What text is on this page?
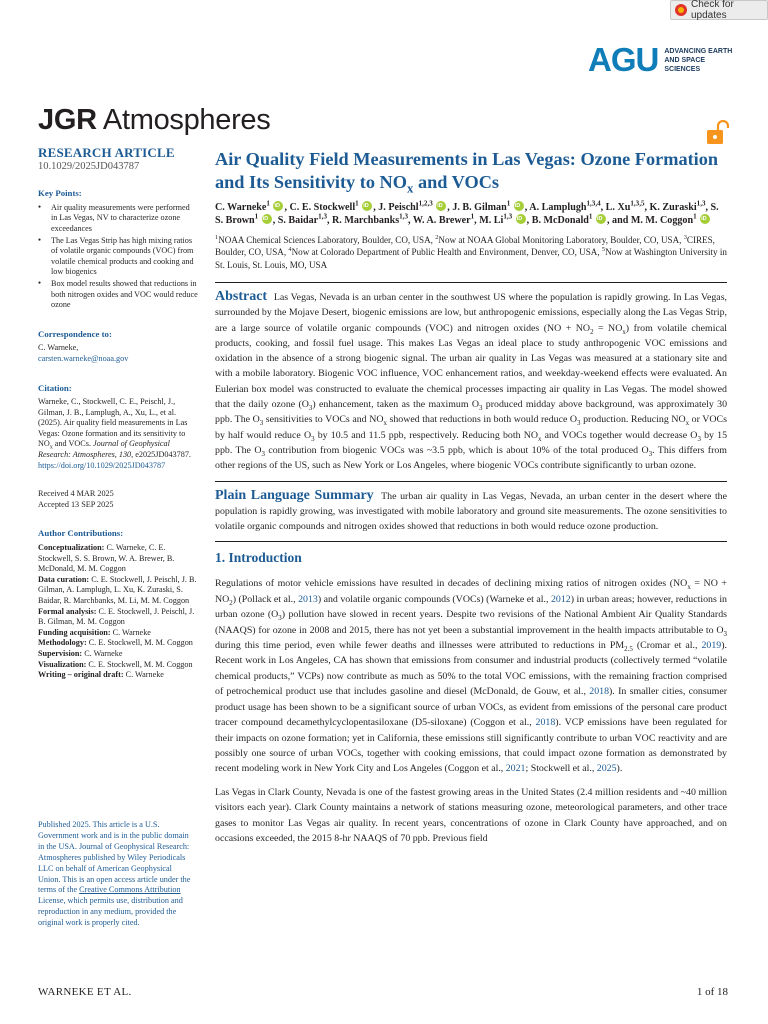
Check for updates
AGU ADVANCING EARTH AND SPACE SCIENCES
JGR Atmospheres
RESEARCH ARTICLE
10.1029/2025JD043787
Key Points:
● Air quality measurements were performed in Las Vegas, NV to characterize ozone exceedances
● The Las Vegas Strip has high mixing ratios of volatile organic compounds (VOC) from volatile chemical products and cooking and low biogenics
● Box model results showed that reductions in both nitrogen oxides and VOC would reduce ozone
Correspondence to:
C. Warneke,
carsten.warneke@noaa.gov
Citation:
Warneke, C., Stockwell, C. E., Peischl, J., Gilman, J. B., Lamplugh, A., Xu, L., et al. (2025). Air quality field measurements in Las Vegas: Ozone formation and its sensitivity to $NO_x$ and VOCs. Journal of Geophysical Research: Atmospheres, 130, e2025JD043787. https://doi.org/10.1029/2025JD043787
Received 4 MAR 2025
Accepted 13 SEP 2025
Author Contributions:
Conceptualization: C. Warneke, C. E. Stockwell, S. S. Brown, W. A. Brewer, B. McDonald, M. M. Coggon
Data curation: C. E. Stockwell, J. Peischl, J. B. Gilman, A. Lamplugh, L. Xu, K. Zuraski, S. Baidar, R. Marchbanks, M. Li, M. M. Coggon
Formal analysis: C. E. Stockwell, J. Peischl, J. B. Gilman, M. M. Coggon
Funding acquisition: C. Warneke
Methodology: C. E. Stockwell, M. M. Coggon
Supervision: C. Warneke
Visualization: C. E. Stockwell, M. M. Coggon
Writing – original draft: C. Warneke
Published 2025. This article is a U.S. Government work and is in the public domain in the USA. Journal of Geophysical Research: Atmospheres published by Wiley Periodicals LLC on behalf of American Geophysical Union. This is an open access article under the terms of the Creative Commons Attribution License, which permits use, distribution and reproduction in any medium, provided the original work is properly cited.
Air Quality Field Measurements in Las Vegas: Ozone Formation and Its Sensitivity to $NO_x$ and VOCs
C. Warneke$^1$ iD , C. E. Stockwell$^1$ iD , J. Peischl$^{1,2,3}$ iD , J. B. Gilman$^1$ iD , A. Lamplugh$^{1,3,4}$, L. Xu$^{1,3,5}$, K. Zuraski$^{1,3}$, S. S. Brown$^1$ iD , S. Baidar$^{1,3}$, R. Marchbanks$^{1,3}$, W. A. Brewer$^1$, M. Li$^{1,3}$ iD , B. McDonald$^1$ iD , and M. M. Coggon$^1$ iD
$^1$NOAA Chemical Sciences Laboratory, Boulder, CO, USA, $^2$Now at NOAA Global Monitoring Laboratory, Boulder, CO, USA, $^3$CIRES, Boulder, CO, USA, $^4$Now at Colorado Department of Public Health and Environment, Denver, CO, USA, $^5$Now at Washington University in St. Louis, St. Louis, MO, USA
Abstract Las Vegas, Nevada is an urban center in the southwest US where the population is rapidly growing. In Las Vegas, surrounded by the Mojave Desert, biogenic emissions are low, but anthropogenic emissions, especially along the Las Vegas Strip, are a large source of volatile organic compounds (VOC) and nitrogen oxides $(NO + NO_2 = NO_x)$ from volatile chemical products, cooking, and fossil fuel usage. This makes Las Vegas an ideal place to study anthropogenic VOC emissions and oxidation in the absence of a strong biogenic signal. The urban air quality in Las Vegas was measured at a stationary site and with a mobile laboratory. Biogenic VOC influence, VOC enhancement ratios, and weekday-weekend effects were evaluated. An Eulerian box model was constructed to evaluate the chemical processes impacting air quality in Las Vegas. The model showed that the daily ozone $(O_3)$ enhancement, taken as the maximum $O_3$ produced midday above background, was approximately 30 ppb. The $O_3$ sensitivities to VOCs and $NO_x$ showed that reductions in both would reduce $O_3$ production. Reducing $NO_x$ or VOCs by half would reduce $O_3$ by 10.5 and 11.5 ppb, respectively. Reducing both $NO_x$ and VOCs together would decrease $O_3$ by 15 ppb. The $O_3$ contribution from biogenic VOCs was ~3.5 ppb, which is about 10% of the total produced $O_3$. This differs from other regions of the US, such as New York or Los Angeles, where biogenic VOCs contribute significantly to urban ozone.
Plain Language Summary The urban air quality in Las Vegas, Nevada, an urban center in the desert where the population is rapidly growing, was investigated with mobile laboratory and ground site measurements. The ozone sensitivities to volatile organic compounds and nitrogen oxides showed that reductions in both would reduce ozone production.
1. Introduction

Regulations of motor vehicle emissions have resulted in decades of declining mixing ratios of nitrogen oxides ($NO_x$ = NO + $NO_2$) (Pollack et al., 2013) and volatile organic compounds (VOCs) (Warneke et al., 2012) in urban areas; however, reductions in urban ozone $(O_3)$ pollution have slowed in recent years. Despite two revisions of the National Ambient Air Quality Standards (NAAQS) for ozone in 2008 and 2015, there has not yet been a substantial improvement in the health impacts attributable to $O_3$ during this time period, even while fewer deaths and illnesses were attributed to reductions in $PM_{2.5}$ (Cromar et al., 2019). Recent work in Los Angeles, CA has shown that emissions from consumer and industrial products (collectively termed “volatile chemical products,” VCPs) now contribute as much as 50% to the total VOC emissions, with the remaining fraction comprised of petrochemical product use that includes gasoline and diesel (McDonald, de Gouw, et al., 2018). In smaller cities, consumer product usage has been shown to be a significant source of urban VOCs, as evident from emissions of the personal care product tracer compound decamethylcyclopentasiloxane (D5-siloxane) (Coggon et al., 2018). VCP emissions have been regulated for their impacts on ozone formation; yet in California, these emissions still significantly contribute to urban VOC reactivity and are possibly one source of urban VOCs, together with cooking emissions, that could impact ozone formation as demonstrated by recent modeling work in New York City and Los Angeles (Coggon et al., 2021; Stockwell et al., 2025).

Las Vegas in Clark County, Nevada is one of the fastest growing areas in the United States (2.4 million residents and ~40 million visitors each year). Clark County maintains a network of stations measuring ozone, meteorological parameters, and other trace gases to monitor Las Vegas air quality. In recent years, concentrations of ozone in Clark County have approached, and on occasions exceeded, the 2015 8-hr NAAQS of 70 ppb. Previous field

WARNEKE ET AL.	1 of 18
